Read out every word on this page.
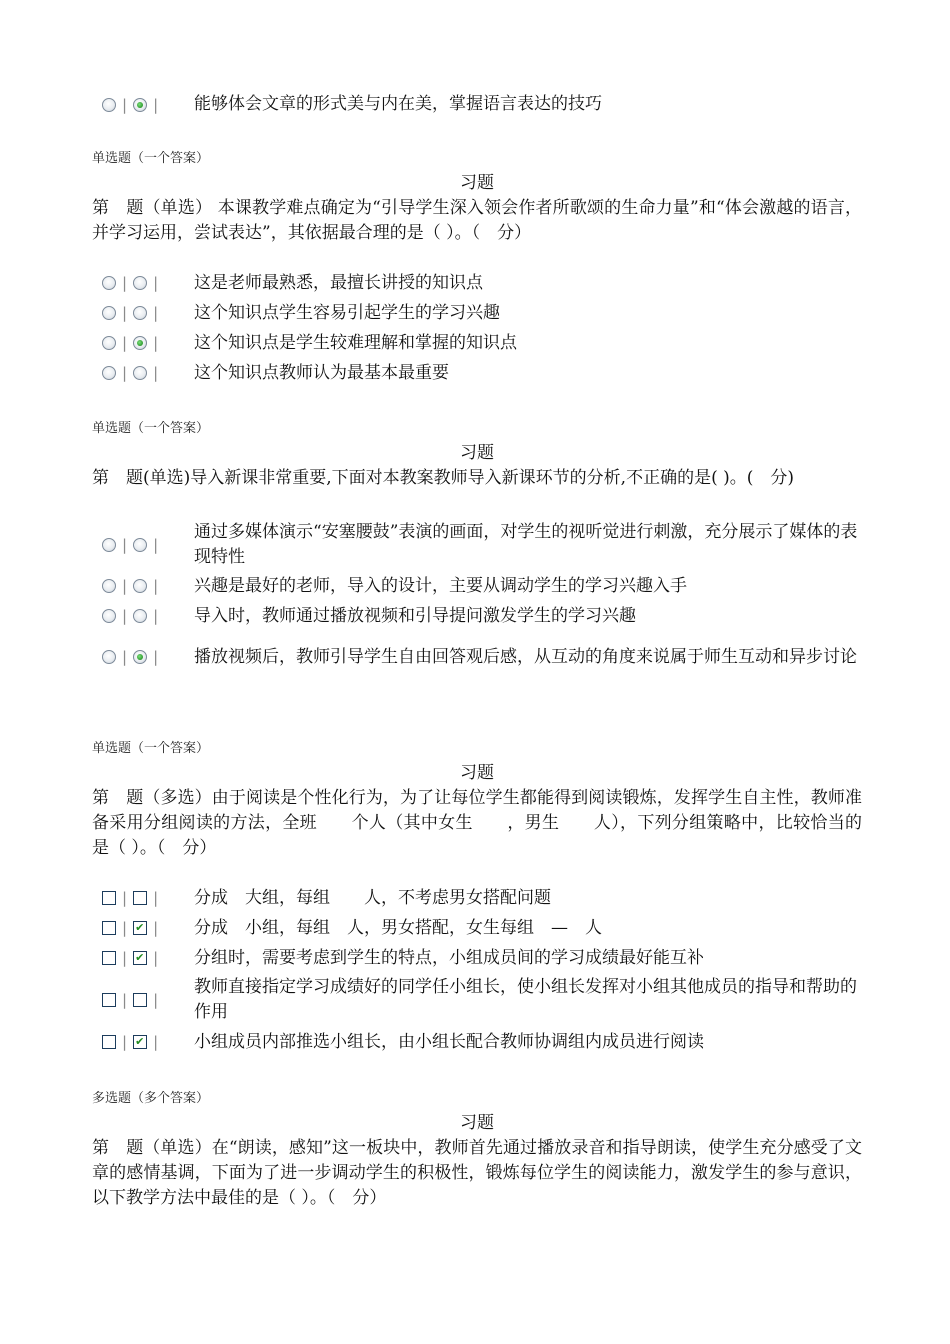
| | 能够体会文章的形式美与内在美，掌握语言表达的技巧
单选题（一个答案）
习题
第　题（单选） 本课教学难点确定为“引导学生深入领会作者所歌颂的生命力量”和“体会激越的语言，并学习运用，尝试表达”，其依据最合理的是（ ）。（　分）
| | 这是老师最熟悉，最擅长讲授的知识点
| | 这个知识点学生容易引起学生的学习兴趣
| | 这个知识点是学生较难理解和掌握的知识点
| | 这个知识点教师认为最基本最重要
单选题（一个答案）
习题
第　题(单选)导入新课非常重要,下面对本教案教师导入新课环节的分析,不正确的是( )。(　分)
| |
通过多媒体演示“安塞腰鼓”表演的画面，对学生的视听觉进行刺激，充分展示了媒体的表现特性
| | 兴趣是最好的老师，导入的设计，主要从调动学生的学习兴趣入手
| | 导入时，教师通过播放视频和引导提问激发学生的学习兴趣
| | 播放视频后，教师引导学生自由回答观后感，从互动的角度来说属于师生互动和异步讨论
单选题（一个答案）
习题
第　题（多选）由于阅读是个性化行为，为了让每位学生都能得到阅读锻炼，发挥学生自主性，教师准备采用分组阅读的方法，全班　　个人（其中女生　　，男生　　人），下列分组策略中，比较恰当的是（ ）。（　分）
| | 分成　大组，每组　　人，不考虑男女搭配问题
| ✔ | 分成　小组，每组　人，男女搭配，女生每组　—　人
| ✔ | 分组时，需要考虑到学生的特点，小组成员间的学习成绩最好能互补
| |
教师直接指定学习成绩好的同学任小组长，使小组长发挥对小组其他成员的指导和帮助的作用
| ✔ | 小组成员内部推选小组长，由小组长配合教师协调组内成员进行阅读
多选题（多个答案）
习题
第　题（单选）在“朗读，感知”这一板块中，教师首先通过播放录音和指导朗读，使学生充分感受了文章的感情基调，下面为了进一步调动学生的积极性，锻炼每位学生的阅读能力，激发学生的参与意识，以下教学方法中最佳的是（ ）。（　分）
